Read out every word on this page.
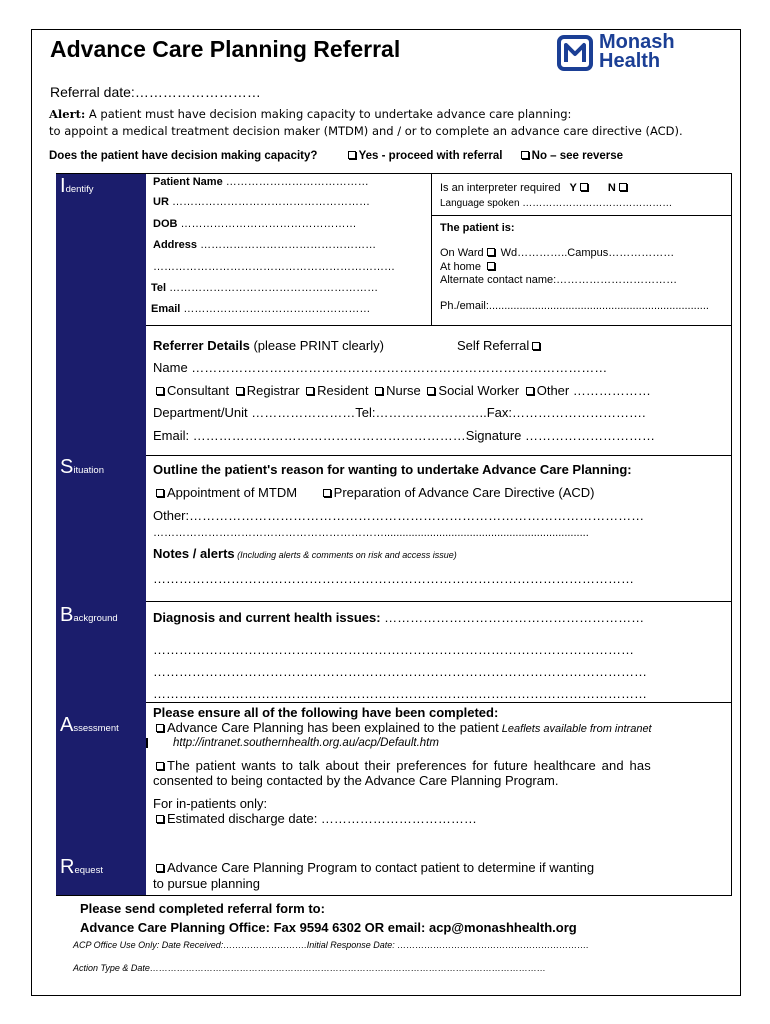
Advance Care Planning Referral	Monash
Health
Referral date:………………………
Alert: A patient must have decision making capacity to undertake advance care planning:
to appoint a medical treatment decision maker (MTDM) and / or to complete an advance care directive (ACD).
Does the patient have decision making capacity?	Yes - proceed with referral	No – see reverse
Identify
Situation
Background
Assessment
Request
Patient Name …………………………………
UR ………………………………………………
DOB …………………………………………
Address …………………………………………
…………………………………………………………
Tel …………………………………………………
Email ……………………………………………
Is an interpreter required Y	N
Language spoken ………………………………………
The patient is:
On Ward Wd…………..Campus………………
At home
Alternate contact name:……………………………
Ph./email:........................................................................
Referrer Details (please PRINT clearly)	Self Referral
Name ……………………………………………………………………………………
Consultant Registrar Resident Nurse Social Worker Other ………………
Department/Unit ……………………Tel:……………………..Fax:………………………….
Email: ………………………………………………………Signature …………………………
Outline the patient's reason for wanting to undertake Advance Care Planning:
Appointment of MTDM	Preparation of Advance Care Directive (ACD)
Other:……………………………………………………………………………………………
………………………………………………………...................................................................
Notes / alerts (Including alerts & comments on risk and access issue)
…………………………………………………………………………………………………
Diagnosis and current health issues: ……………………………………………………
…………………………………………………………………………………………………
……………………………………………………………………………………………………
……………………………………………………………………………………………………
Please ensure all of the following have been completed:
Advance Care Planning has been explained to the patient Leaflets available from intranet
http://intranet.southernhealth.org.au/acp/Default.htm
The patient wants to talk about their preferences for future healthcare and has
consented to being contacted by the Advance Care Planning Program.
For in-patients only:
Estimated discharge date: ………………………………
Advance Care Planning Program to contact patient to determine if wanting
to pursue planning
Please send completed referral form to:
Advance Care Planning Office: Fax 9594 6302 OR email: acp@monashhealth.org
ACP Office Use Only: Date Received:……………………….Initial Response Date: ……………………………………………………….
Action Type & Date……………………………………………………………………………………………………………………
